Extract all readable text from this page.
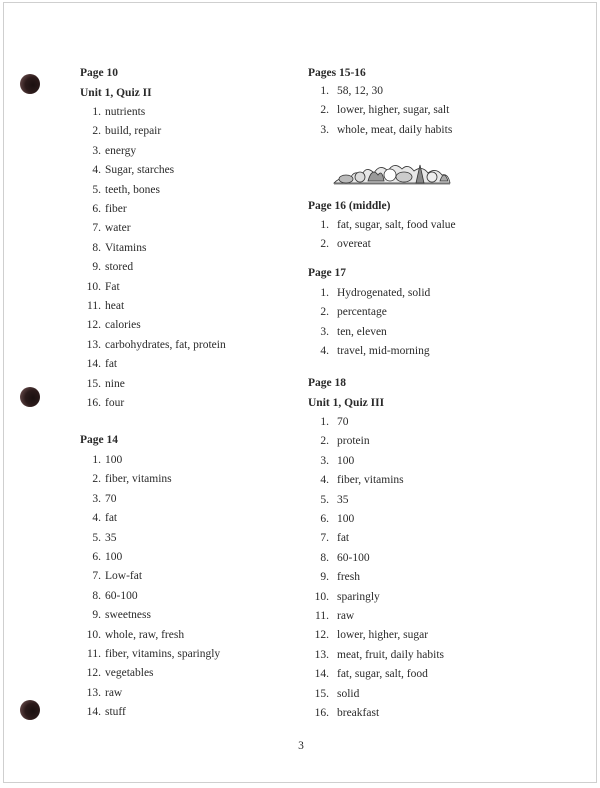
Page 10
Unit 1, Quiz II
1. nutrients
2. build, repair
3. energy
4. Sugar, starches
5. teeth, bones
6. fiber
7. water
8. Vitamins
9. stored
10. Fat
11. heat
12. calories
13. carbohydrates, fat, protein
14. fat
15. nine
16. four
Page 14
1. 100
2. fiber, vitamins
3. 70
4. fat
5. 35
6. 100
7. Low-fat
8. 60-100
9. sweetness
10. whole, raw, fresh
11. fiber, vitamins, sparingly
12. vegetables
13. raw
14. stuff
Pages 15-16
1. 58, 12, 30
2. lower, higher, sugar, salt
3. whole, meat, daily habits
Page 16 (middle)
1. fat, sugar, salt, food value
2. overeat
Page 17
1. Hydrogenated, solid
2. percentage
3. ten, eleven
4. travel, mid-morning
Page 18
Unit 1, Quiz III
1. 70
2. protein
3. 100
4. fiber, vitamins
5. 35
6. 100
7. fat
8. 60-100
9. fresh
10. sparingly
11. raw
12. lower, higher, sugar
13. meat, fruit, daily habits
14. fat, sugar, salt, food
15. solid
16. breakfast
3
